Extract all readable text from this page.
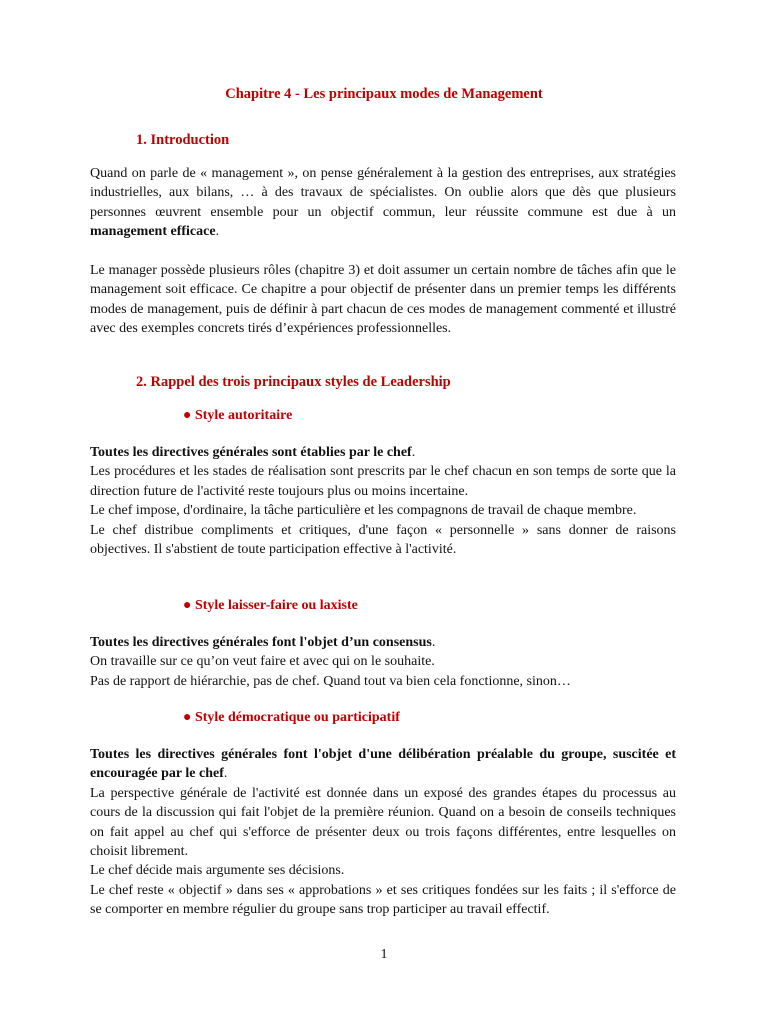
Chapitre 4 - Les principaux modes de Management
1. Introduction
Quand on parle de « management », on pense généralement à la gestion des entreprises, aux stratégies industrielles, aux bilans, … à des travaux de spécialistes. On oublie alors que dès que plusieurs personnes œuvrent ensemble pour un objectif commun, leur réussite commune est due à un management efficace.
Le manager possède plusieurs rôles (chapitre 3) et doit assumer un certain nombre de tâches afin que le management soit efficace. Ce chapitre a pour objectif de présenter dans un premier temps les différents modes de management, puis de définir à part chacun de ces modes de management commenté et illustré avec des exemples concrets tirés d’expériences professionnelles.
2. Rappel des trois principaux styles de Leadership
● Style autoritaire
Toutes les directives générales sont établies par le chef.
Les procédures et les stades de réalisation sont prescrits par le chef chacun en son temps de sorte que la direction future de l'activité reste toujours plus ou moins incertaine.
Le chef impose, d'ordinaire, la tâche particulière et les compagnons de travail de chaque membre.
Le chef distribue compliments et critiques, d'une façon « personnelle » sans donner de raisons objectives. Il s'abstient de toute participation effective à l'activité.
● Style laisser-faire ou laxiste
Toutes les directives générales font l'objet d’un consensus.
On travaille sur ce qu’on veut faire et avec qui on le souhaite.
Pas de rapport de hiérarchie, pas de chef. Quand tout va bien cela fonctionne, sinon…
● Style démocratique ou participatif
Toutes les directives générales font l'objet d'une délibération préalable du groupe, suscitée et encouragée par le chef.
La perspective générale de l'activité est donnée dans un exposé des grandes étapes du processus au cours de la discussion qui fait l'objet de la première réunion. Quand on a besoin de conseils techniques on fait appel au chef qui s'efforce de présenter deux ou trois façons différentes, entre lesquelles on choisit librement.
Le chef décide mais argumente ses décisions.
Le chef reste « objectif » dans ses « approbations » et ses critiques fondées sur les faits ; il s'efforce de se comporter en membre régulier du groupe sans trop participer au travail effectif.
1
